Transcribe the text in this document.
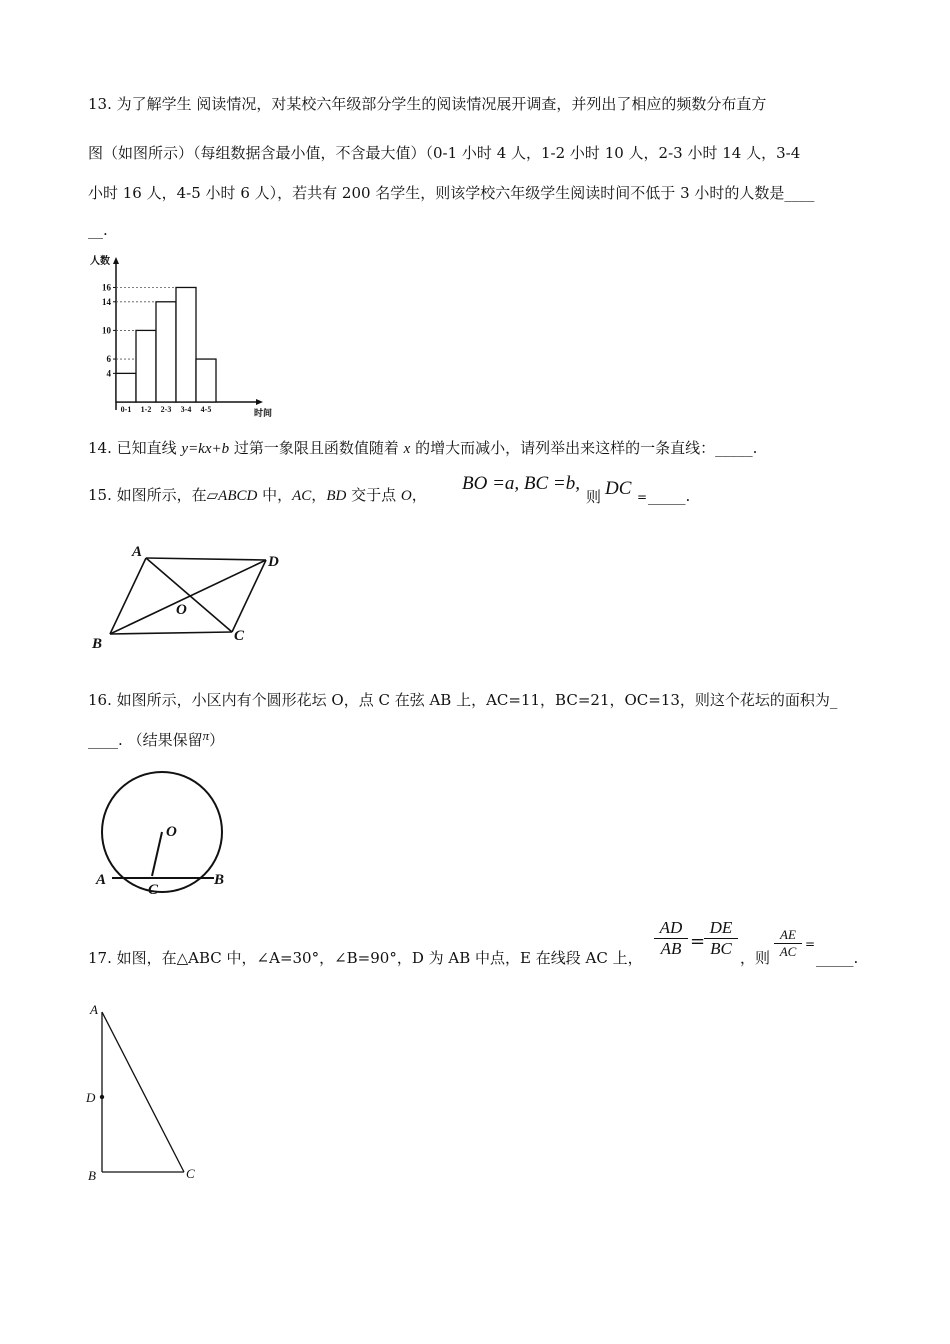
13. 为了解学生 阅读情况，对某校六年级部分学生的阅读情况展开调查，并列出了相应的频数分布直方
图（如图所示）（每组数据含最小值，不含最大值）（0-1 小时 4 人，1-2 小时 10 人，2-3 小时 14 人，3-4
小时 16 人，4-5 小时 6 人），若共有 200 名学生，则该学校六年级学生阅读时间不低于 3 小时的人数是____
__.
人数
时间
4
6
10
14
16
0-1 1-2 2-3 3-4 4-5
14. 已知直线 y=kx+b 过第一象限且函数值随着 x 的增大而减小，请列举出来这样的一条直线：_____.
15. 如图所示，在▱ABCD 中，AC，BD 交于点 O，
BO =a, BC =b,
则 DC = _____.
A
D
O
B	C
16. 如图所示，小区内有个圆形花坛 O，点 C 在弦 AB 上，AC=11，BC=21，OC=13，则这个花坛的面积为_
____. （结果保留π）
O
A
C
B
17. 如图，在△ABC 中，∠A=30°，∠B=90°，D 为 AB 中点，E 在线段 AC 上， $\frac{AD}{AB}$ =
$\frac{DE}{BC}$ ，则 $\frac{AE}{AC}$ =
_____.
A
D
B	C
